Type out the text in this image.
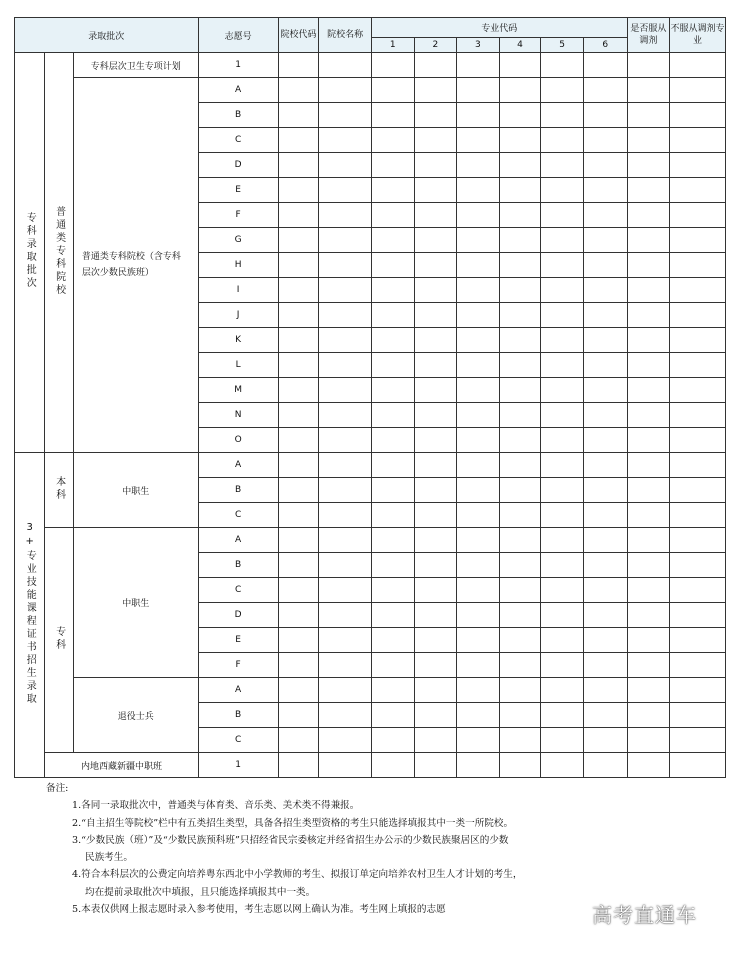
录取批次			志愿号	院校代码	院校名称	专业代码						是否服从调剂	不服从调剂专业
						1	2	3	4	5	6		
专科录取批次	普通类专科院校	专科层次卫生专项计划	1										
		普通类专科院校（含专科层次少数民族班）	A										
			B										
			C										
			D										
			E										
			F										
			G										
			H										
			I										
			J										
			K										
			L										
			M										
			N										
			O										
3+专业技能课程证书招生录取	本科	中职生	A										
			B										
			C										
	专科	中职生	A										
			B										
			C										
			D										
			E										
			F										
		退役士兵	A										
			B										
			C										
	内地西藏新疆中职班		1										
备注:
1.各同一录取批次中，普通类与体育类、音乐类、美术类不得兼报。
2.“自主招生等院校”栏中有五类招生类型，具备各招生类型资格的考生只能选择填报其中一类一所院校。
3.“少数民族（班）”及“少数民族预科班”只招经省民宗委核定并经省招生办公示的少数民族聚居区的少数
民族考生。
4.符合本科层次的公费定向培养粤东西北中小学教师的考生、拟报订单定向培养农村卫生人才计划的考生，
均在提前录取批次中填报，且只能选择填报其中一类。
5.本表仅供网上报志愿时录入参考使用，考生志愿以网上确认为准。考生网上填报的志愿	高考直通车
